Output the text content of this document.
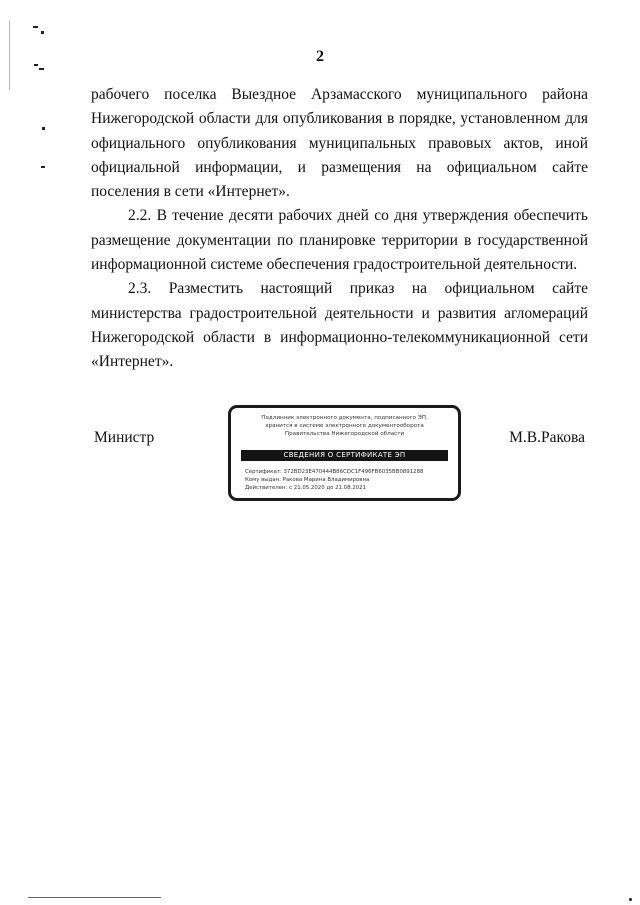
2

рабочего поселка Выездное Арзамасского муниципального района Нижегородской области для опубликования в порядке, установленном для официального опубликования муниципальных правовых актов, иной официальной информации, и размещения на официальном сайте поселения в сети «Интернет».

2.2. В течение десяти рабочих дней со дня утверждения обеспечить размещение документации по планировке территории в государственной информационной системе обеспечения градостроительной деятельности.

2.3. Разместить настоящий приказ на официальном сайте министерства градостроительной деятельности и развития агломераций Нижегородской области в информационно-телекоммуникационной сети «Интернет».

Министр
Подлинник электронного документа, подписанного ЭП,
хранится в системе электронного документооборота
Правительства Нижегородской области
СВЕДЕНИЯ О СЕРТИФИКАТЕ ЭП
Сертификат: 372BD23E470444B86CDC1F496FB6035BB0891288
Кому выдан: Ракова Марина Владимировна
Действителен: с 21.05.2020 до 21.08.2021
М.В.Ракова
